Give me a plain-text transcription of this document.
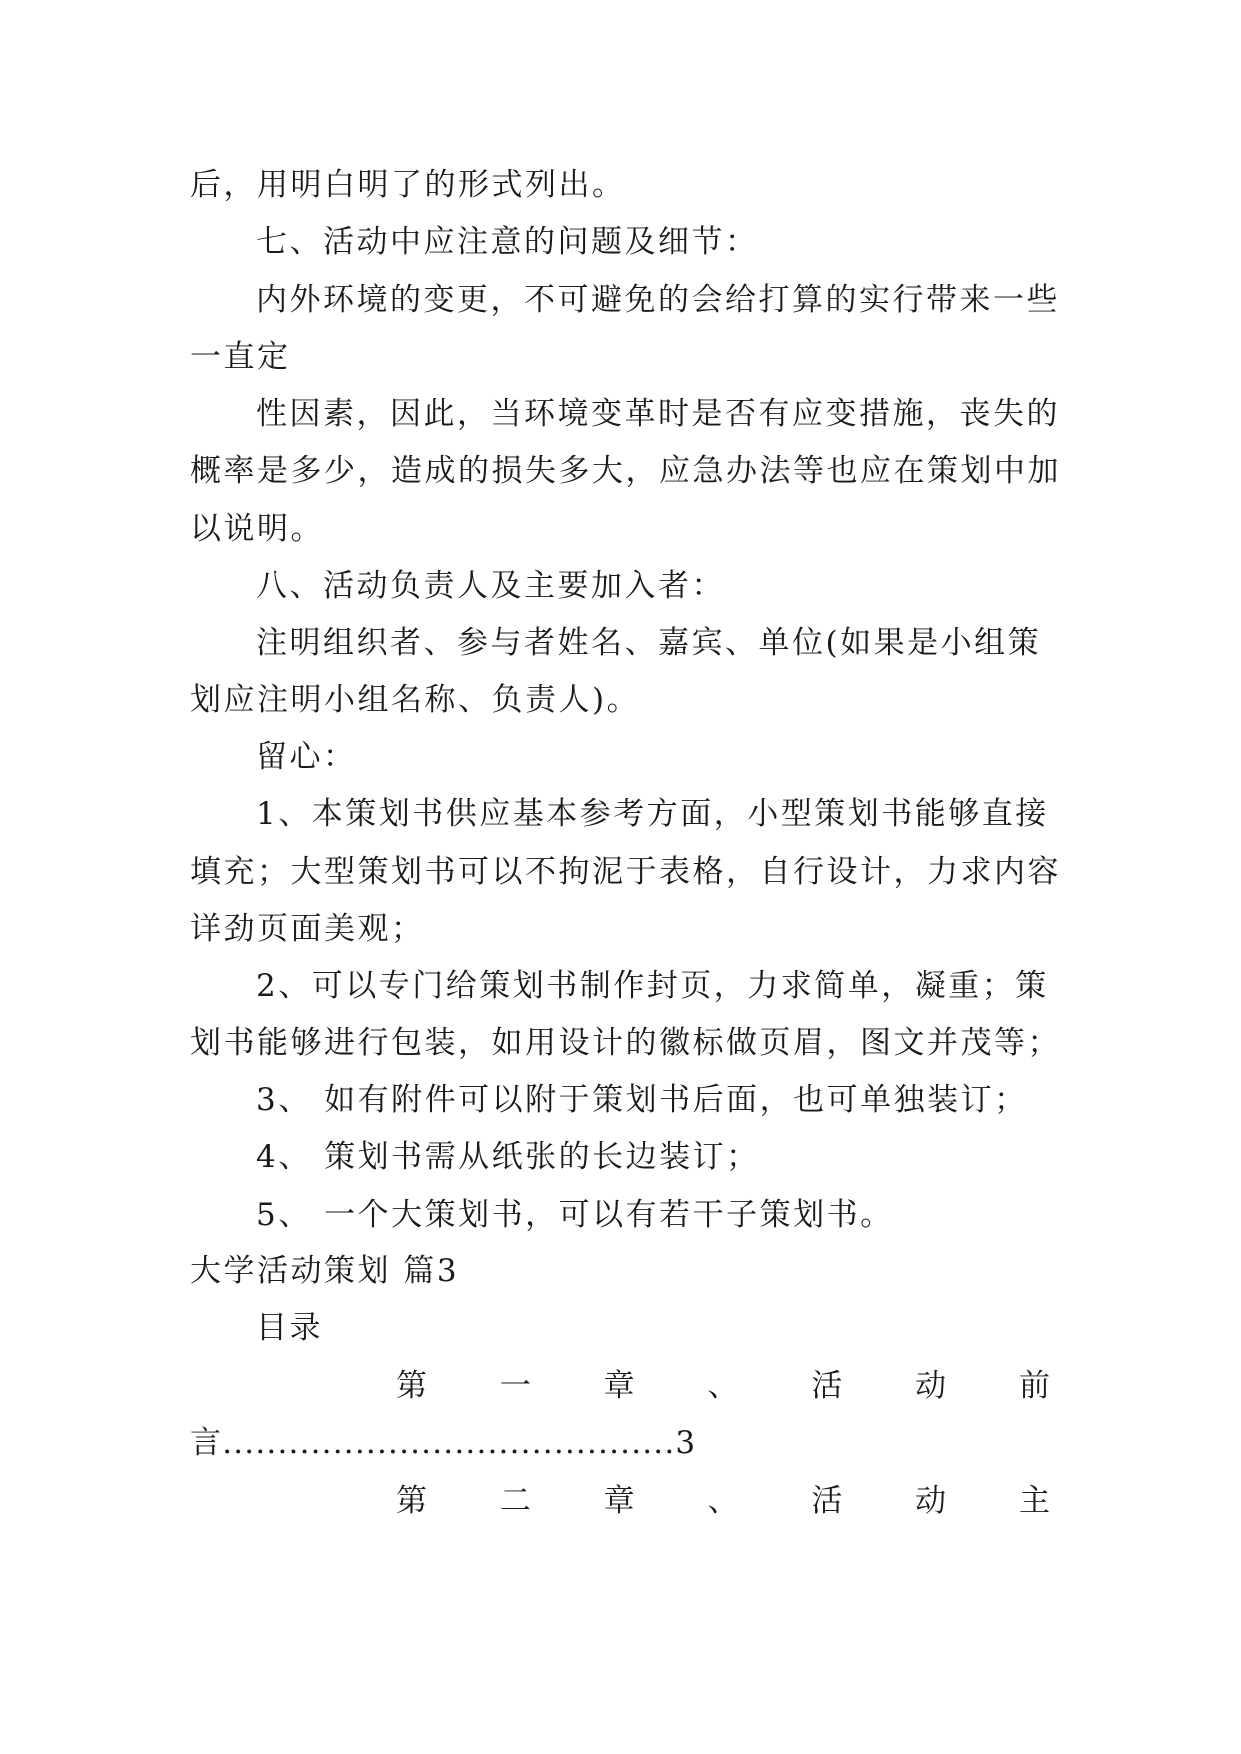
后，用明白明了的形式列出。
七、活动中应注意的问题及细节：
内外环境的变更，不可避免的会给打算的实行带来一些
一直定
性因素，因此，当环境变革时是否有应变措施，丧失的
概率是多少，造成的损失多大，应急办法等也应在策划中加
以说明。
八、活动负责人及主要加入者：
注明组织者、参与者姓名、嘉宾、单位(如果是小组策
划应注明小组名称、负责人)。
留心：
1、本策划书供应基本参考方面，小型策划书能够直接
填充；大型策划书可以不拘泥于表格，自行设计，力求内容
详劲页面美观；
2、可以专门给策划书制作封页，力求简单，凝重；策
划书能够进行包装，如用设计的徽标做页眉，图文并茂等；
3、 如有附件可以附于策划书后面，也可单独装订；
4、 策划书需从纸张的长边装订；
5、 一个大策划书，可以有若干子策划书。
大学活动策划 篇3
目录
第 一 章 、 活 动 前
言.........................................3
第 二 章 、 活 动 主
